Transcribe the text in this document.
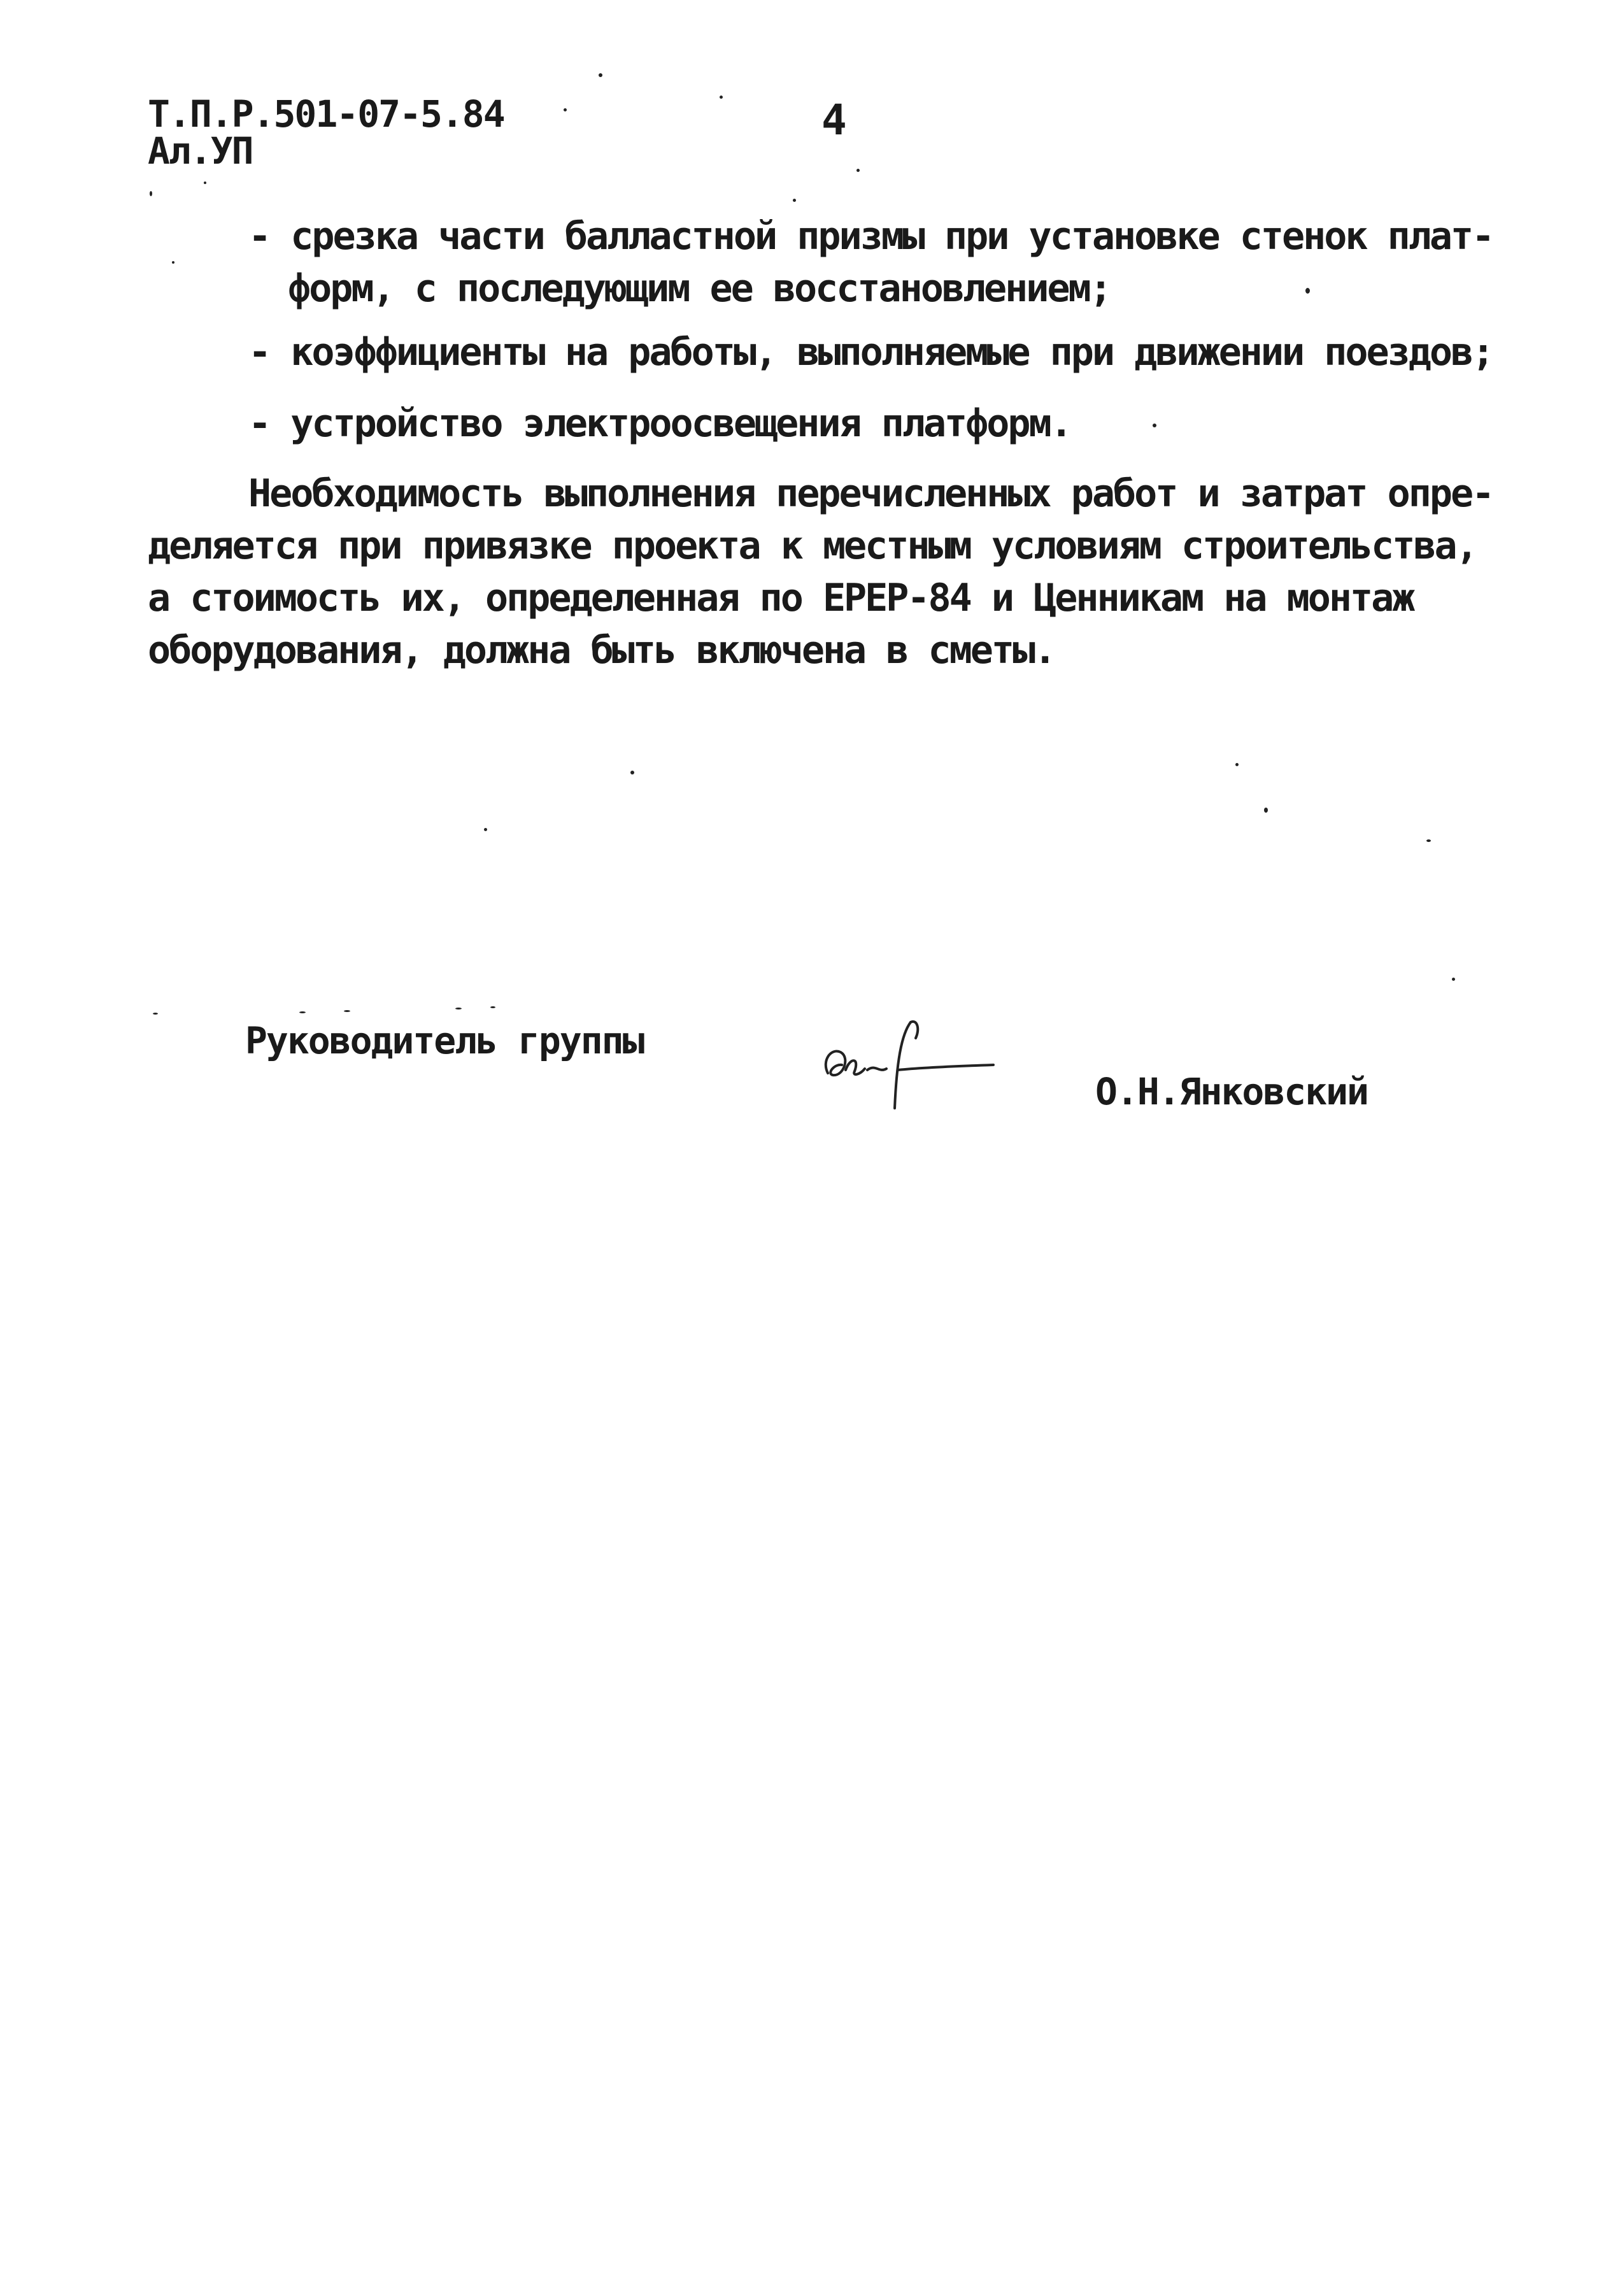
Т.П.Р.501-07-5.84
Ал.УП
4
- срезка части балластной призмы при установке стенок плат-
форм, с последующим ее восстановлением;
- коэффициенты на работы, выполняемые при движении поездов;
- устройство электроосвещения платформ.
Необходимость выполнения перечисленных работ и затрат опре-
деляется при привязке проекта к местным условиям строительства,
а стоимость их, определенная по ЕРЕР-84 и Ценникам на монтаж
оборудования, должна быть включена в сметы.
Руководитель группы
О.Н.Янковский
